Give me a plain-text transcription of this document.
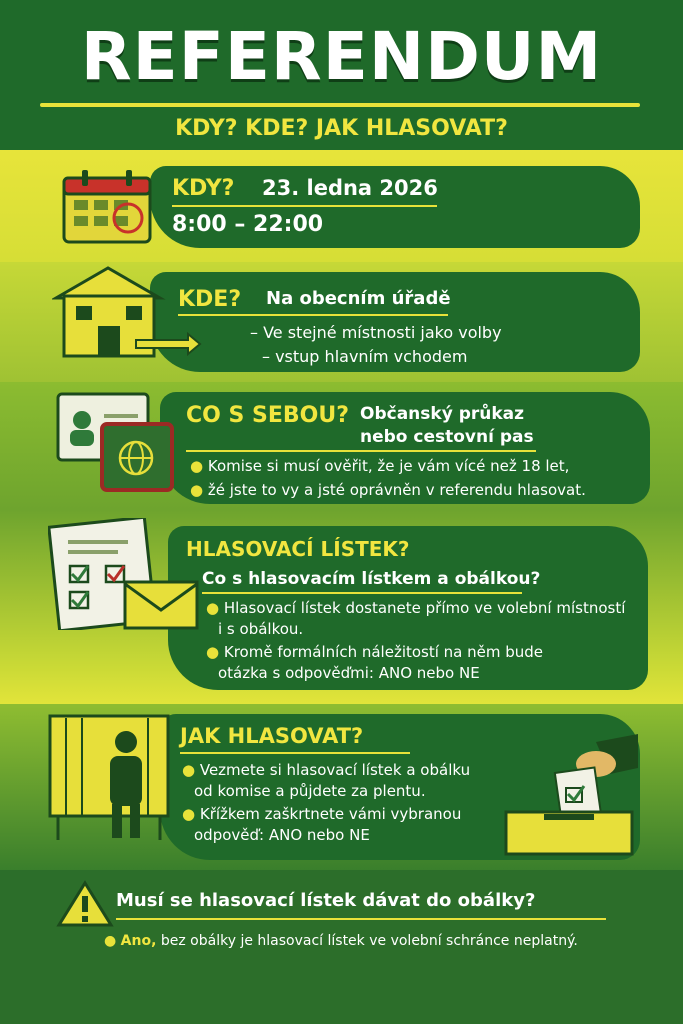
REFERENDUM
KDY? KDE? JAK HLASOVAT?
KDY? 23. ledna 2026
8:00 – 22:00
KDE? Na obecním úřadě
– Ve stejné místnosti jako volby
– vstup hlavním vchodem
CO S SEBOU? Občanský průkaz
nebo cestovní pas
● Komise si musí ověřit, že je vám vícé než 18 let,
● žé jste to vy a jsté oprávněn v referendu hlasovat.
HLASOVACÍ LÍSTEK?
Co s hlasovacím lístkem a obálkou?
● Hlasovací lístek dostanete přímo ve volební místností
i s obálkou.
● Kromě formálních náležitostí na něm bude
otázka s odpověďmi: ANO nebo NE
JAK HLASOVAT?
● Vezmete si hlasovací lístek a obálku
od komise a půjdete za plentu.
● Křížkem zaškrtnete vámi vybranou
odpověď: ANO nebo NE
Musí se hlasovací lístek dávat do obálky?
● Ano, bez obálky je hlasovací lístek ve volební schránce neplatný.
